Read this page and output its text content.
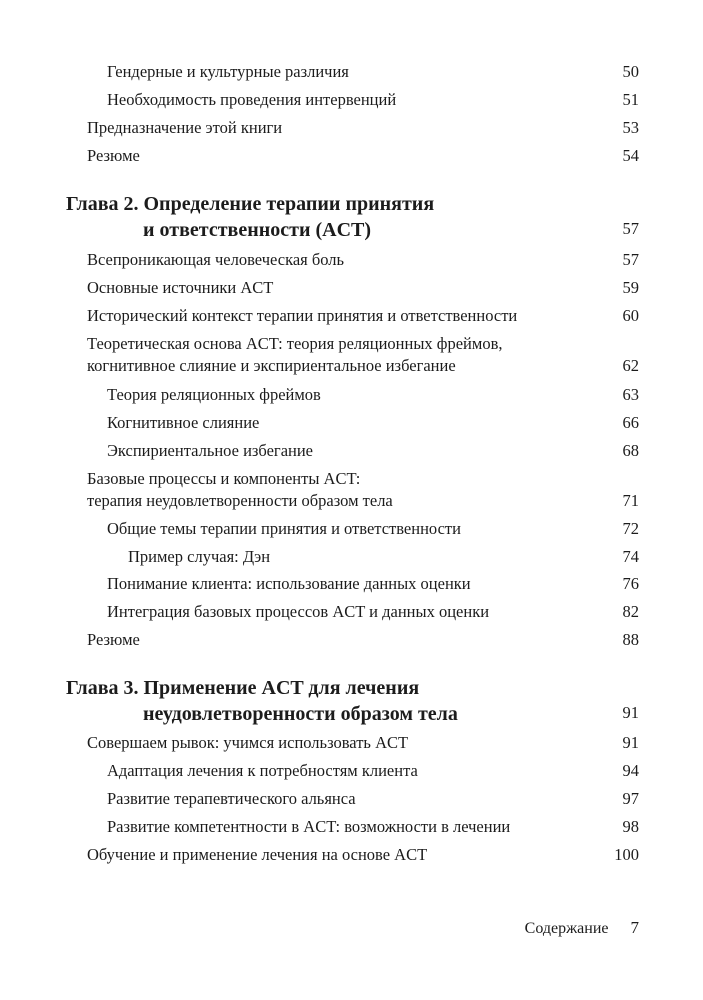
Гендерные и культурные различия	50
Необходимость проведения интервенций	51
Предназначение этой книги	53
Резюме	54
Глава 2. Определение терапии принятия
и ответственности (ACT)	57
Всепроникающая человеческая боль	57
Основные источники ACT	59
Исторический контекст терапии принятия и ответственности	60
Теоретическая основа ACT: теория реляционных фреймов,
когнитивное слияние и экспириентальное избегание	62
Теория реляционных фреймов	63
Когнитивное слияние	66
Экспириентальное избегание	68
Базовые процессы и компоненты ACT:
терапия неудовлетворенности образом тела	71
Общие темы терапии принятия и ответственности	72
Пример случая: Дэн	74
Понимание клиента: использование данных оценки	76
Интеграция базовых процессов ACT и данных оценки	82
Резюме	88
Глава 3. Применение ACT для лечения
неудовлетворенности образом тела	91
Совершаем рывок: учимся использовать ACT	91
Адаптация лечения к потребностям клиента	94
Развитие терапевтического альянса	97
Развитие компетентности в ACT: возможности в лечении	98
Обучение и применение лечения на основе ACT	100
Содержание 7
